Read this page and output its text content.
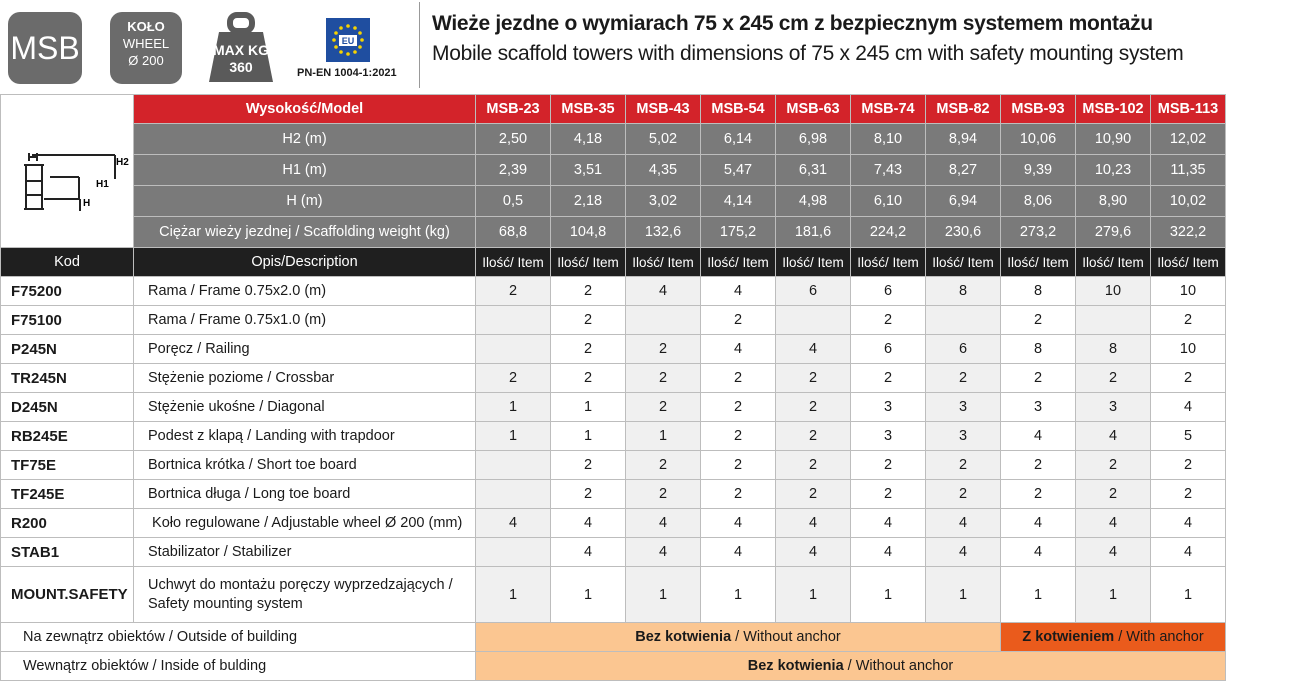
MSB
KOŁO
WHEEL
Ø 200
MAX KG
360
EU
PN-EN 1004-1:2021
Wieże jezdne o wymiarach 75 x 245 cm z bezpiecznym systemem montażu
Mobile scaffold towers with dimensions of 75 x 245 cm with safety mounting system
H2
H1
H	Wysokość/Model	MSB-23	MSB-35	MSB-43	MSB-54	MSB-63	MSB-74	MSB-82	MSB-93	MSB-102	MSB-113
	H2 (m)	2,50	4,18	5,02	6,14	6,98	8,10	8,94	10,06	10,90	12,02
	H1 (m)	2,39	3,51	4,35	5,47	6,31	7,43	8,27	9,39	10,23	11,35
	H (m)	0,5	2,18	3,02	4,14	4,98	6,10	6,94	8,06	8,90	10,02
	Ciężar wieży jezdnej / Scaffolding weight (kg)	68,8	104,8	132,6	175,2	181,6	224,2	230,6	273,2	279,6	322,2
Kod	Opis/Description	Ilość/ Item	Ilość/ Item	Ilość/ Item	Ilość/ Item	Ilość/ Item	Ilość/ Item	Ilość/ Item	Ilość/ Item	Ilość/ Item	Ilość/ Item
F75200	Rama / Frame 0.75x2.0 (m)	2	2	4	4	6	6	8	8	10	10
F75100	Rama / Frame 0.75x1.0 (m)		2		2		2		2		2
P245N	Poręcz / Railing		2	2	4	4	6	6	8	8	10
TR245N	Stężenie poziome / Crossbar	2	2	2	2	2	2	2	2	2	2
D245N	Stężenie ukośne / Diagonal	1	1	2	2	2	3	3	3	3	4
RB245E	Podest z klapą / Landing with trapdoor	1	1	1	2	2	3	3	4	4	5
TF75E	Bortnica krótka / Short toe board		2	2	2	2	2	2	2	2	2
TF245E	Bortnica długa / Long toe board		2	2	2	2	2	2	2	2	2
R200	Koło regulowane / Adjustable wheel Ø 200 (mm)	4	4	4	4	4	4	4	4	4	4
STAB1	Stabilizator / Stabilizer		4	4	4	4	4	4	4	4	4
MOUNT.SAFETY	Uchwyt do montażu poręczy wyprzedzających /
Safety mounting system	1	1	1	1	1	1	1	1	1	1
Na zewnątrz obiektów / Outside of building		Bez kotwienia / Without anchor							Z kotwieniem / With anchor		
Wewnątrz obiektów / Inside of bulding		Bez kotwienia / Without anchor									
